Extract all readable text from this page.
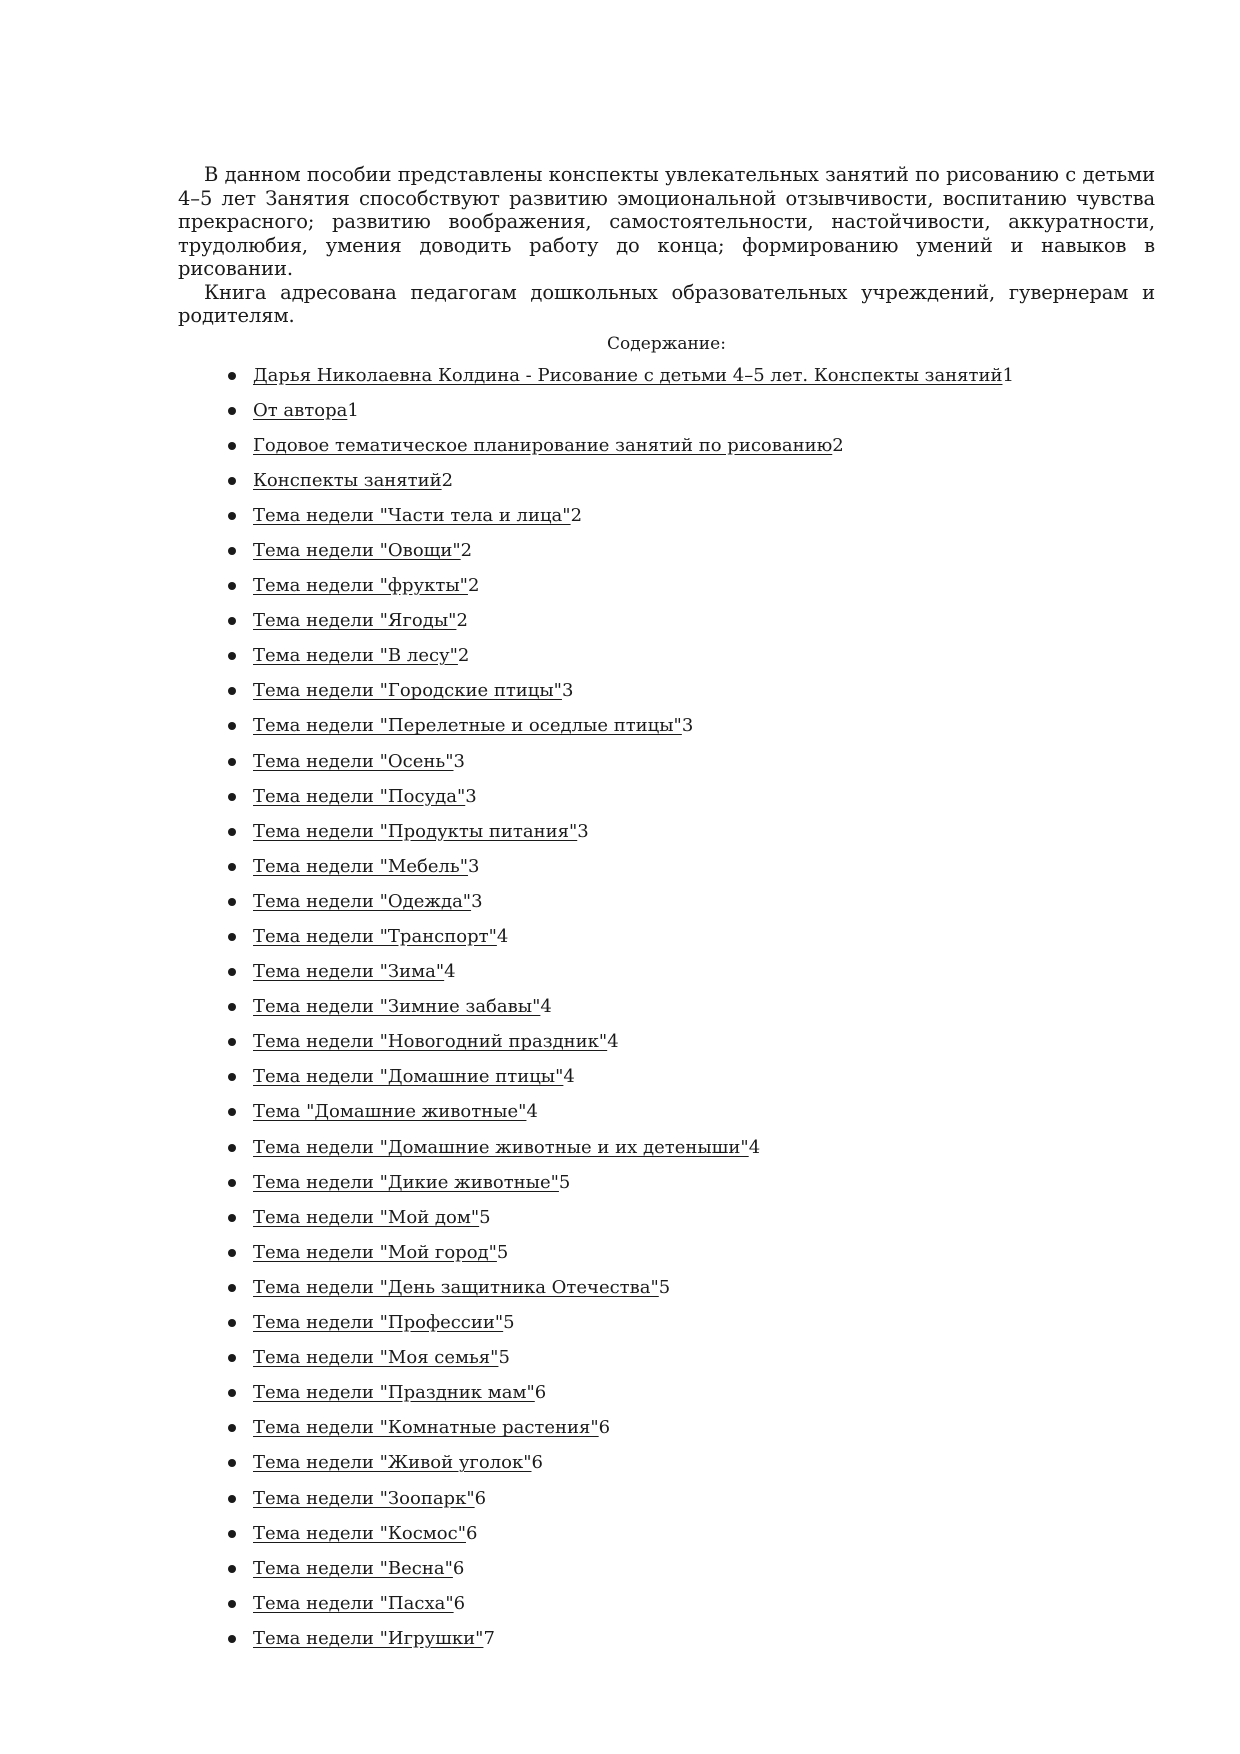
В данном пособии представлены конспекты увлекательных занятий по рисованию с детьми 4–5 лет Занятия способствуют развитию эмоциональной отзывчивости, воспитанию чувства прекрасного; развитию воображения, самостоятельности, настойчивости, аккуратности, трудолюбия, умения доводить работу до конца; формированию умений и навыков в рисовании.

Книга адресована педагогам дошкольных образовательных учреждений, гувернерам и родителям.

Содержание:
Дарья Николаевна Колдина - Рисование с детьми 4–5 лет. Конспекты занятий1
От автора1
Годовое тематическое планирование занятий по рисованию2
Конспекты занятий2
Тема недели "Части тела и лица"2
Тема недели "Овощи"2
Тема недели "фрукты"2
Тема недели "Ягоды"2
Тема недели "В лесу"2
Тема недели "Городские птицы"3
Тема недели "Перелетные и оседлые птицы"3
Тема недели "Осень"3
Тема недели "Посуда"3
Тема недели "Продукты питания"3
Тема недели "Мебель"3
Тема недели "Одежда"3
Тема недели "Транспорт"4
Тема недели "Зима"4
Тема недели "Зимние забавы"4
Тема недели "Новогодний праздник"4
Тема недели "Домашние птицы"4
Тема "Домашние животные"4
Тема недели "Домашние животные и их детеныши"4
Тема недели "Дикие животные"5
Тема недели "Мой дом"5
Тема недели "Мой город"5
Тема недели "День защитника Отечества"5
Тема недели "Профессии"5
Тема недели "Моя семья"5
Тема недели "Праздник мам"6
Тема недели "Комнатные растения"6
Тема недели "Живой уголок"6
Тема недели "Зоопарк"6
Тема недели "Космос"6
Тема недели "Весна"6
Тема недели "Пасха"6
Тема недели "Игрушки"7
